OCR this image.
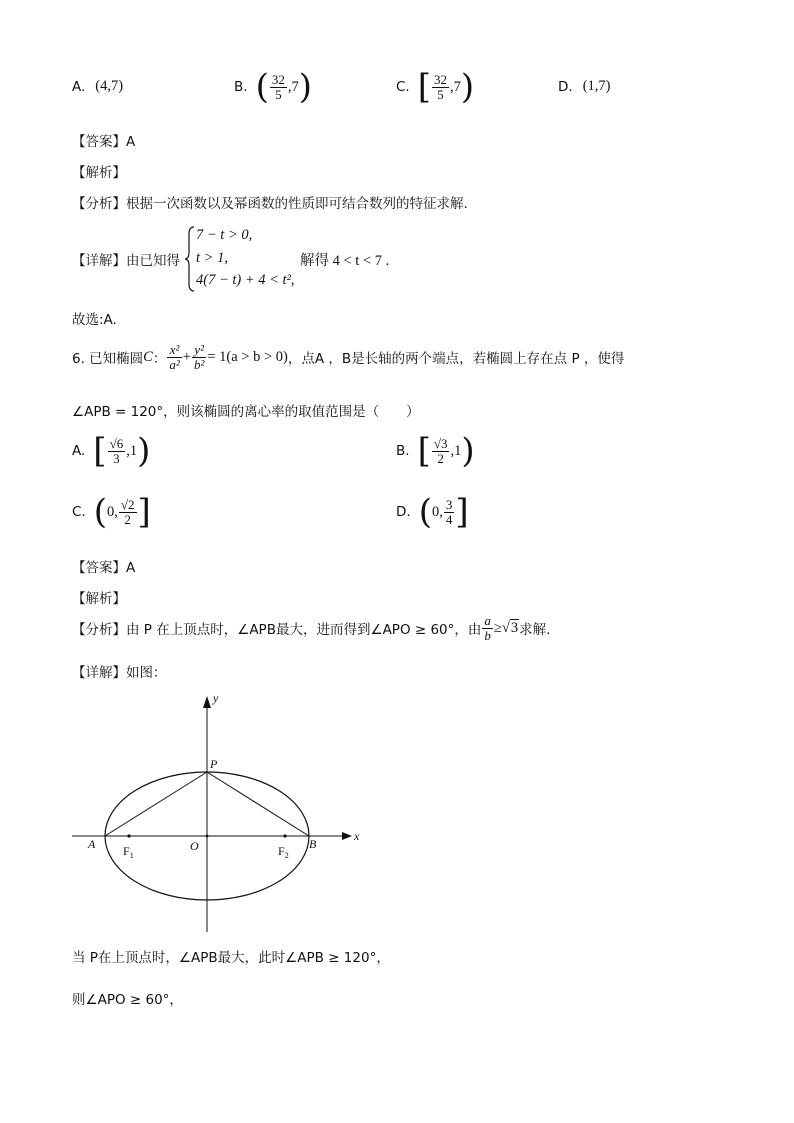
A. (4,7)	B. ( $\frac{32}{5} ,7$ )	C. [ $\frac{32}{5} ,7$ )	D. (1,7)
【答案】A
【解析】
【分析】根据一次函数以及幂函数的性质即可结合数列的特征求解.
【详解】由已知得
7 − t > 0,
t > 1,
4(7 − t) + 4 < t²,
解得 4 < t < 7 .
故选:A.
6. 已知椭圆 C ： $\frac{\text{x²}}{\text{a²}} + \frac{\text{y²}}{\text{b²}} = 1(a > b > 0)$ ，点A ，B是长轴的两个端点，若椭圆上存在点 P ，使得
∠APB = 120°，则该椭圆的离心率的取值范围是（　　）
A. [ $\frac{√6}{3} ,1$ )	B. [ $\frac{√3}{2} ,1$ )
C. ( 0, $\frac{√2}{2}$ ]	D. ( 0, $\frac{3}{4}$ ]
【答案】A
【解析】
【分析】由 P 在上顶点时，∠APB最大，进而得到∠APO ≥ 60°，由 $\frac{a}{b}$ ≥ √ 3 求解.
【详解】如图：
y
x
P
A	B
O
$F_1$	$F_2$
当 P在上顶点时，∠APB最大，此时∠APB ≥ 120°，
则∠APO ≥ 60°，
